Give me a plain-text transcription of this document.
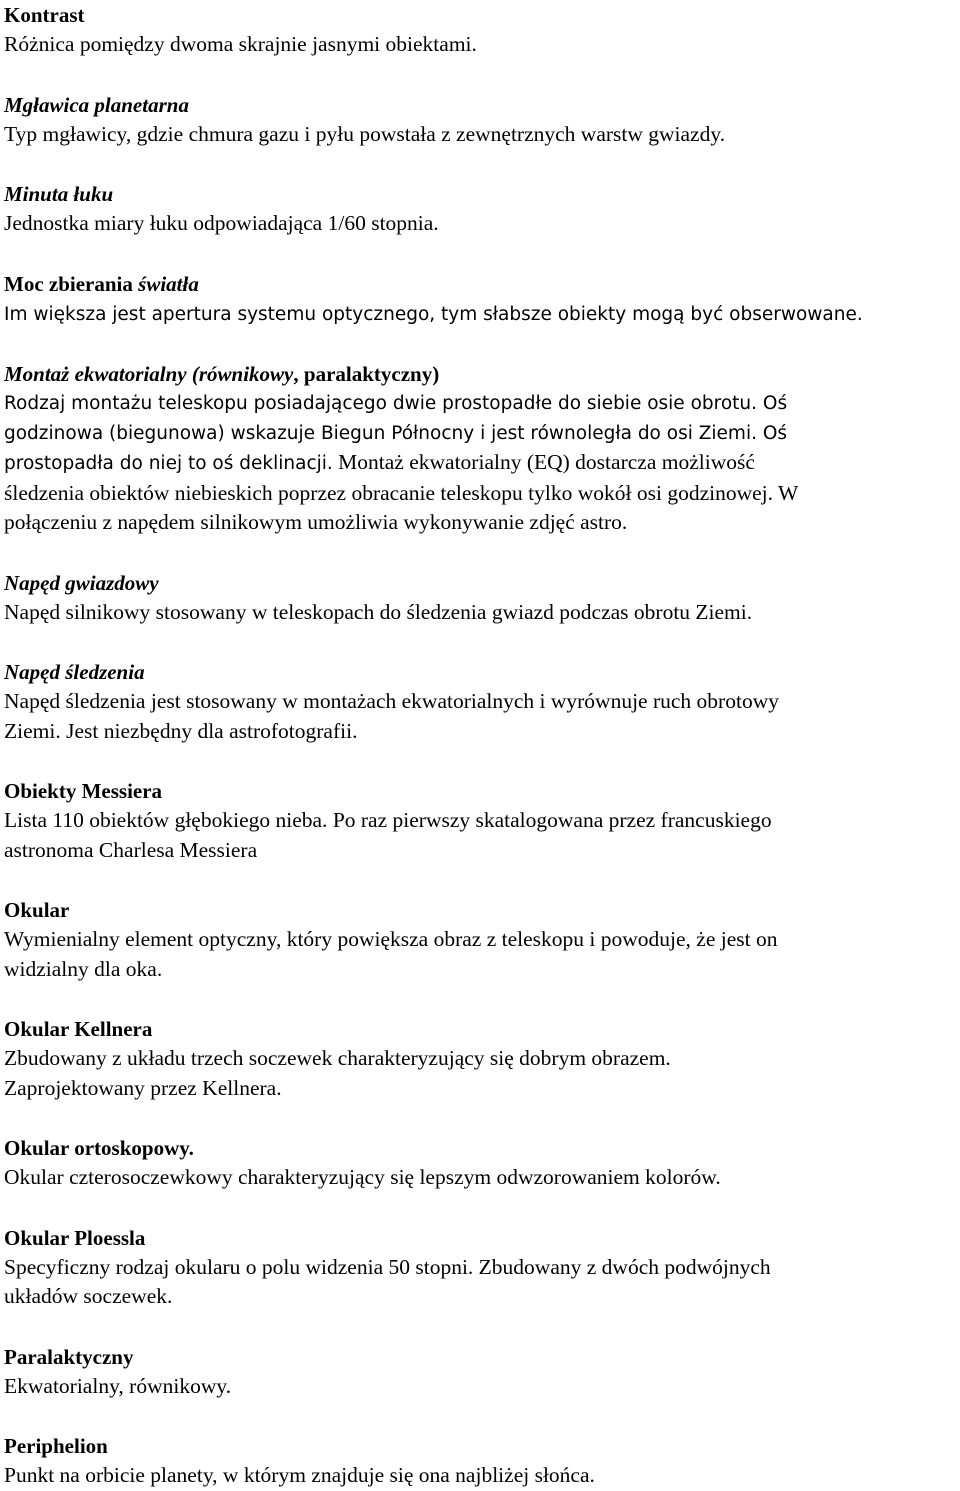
Kontrast
Różnica pomiędzy dwoma skrajnie jasnymi obiektami.
Mgławica planetarna
Typ mgławicy, gdzie chmura gazu i pyłu powstała z zewnętrznych warstw gwiazdy.
Minuta łuku
Jednostka miary łuku odpowiadająca 1/60 stopnia.
Moc zbierania światła
Im większa jest apertura systemu optycznego, tym słabsze obiekty mogą być obserwowane.
Montaż ekwatorialny (równikowy, paralaktyczny)
Rodzaj montażu teleskopu posiadającego dwie prostopadłe do siebie osie obrotu. Oś
godzinowa (biegunowa) wskazuje Biegun Północny i jest równoległa do osi Ziemi. Oś
prostopadła do niej to oś deklinacji. Montaż ekwatorialny (EQ) dostarcza możliwość
śledzenia obiektów niebieskich poprzez obracanie teleskopu tylko wokół osi godzinowej. W
połączeniu z napędem silnikowym umożliwia wykonywanie zdjęć astro.
Napęd gwiazdowy
Napęd silnikowy stosowany w teleskopach do śledzenia gwiazd podczas obrotu Ziemi.
Napęd śledzenia
Napęd śledzenia jest stosowany w montażach ekwatorialnych i wyrównuje ruch obrotowy
Ziemi. Jest niezbędny dla astrofotografii.
Obiekty Messiera
Lista 110 obiektów głębokiego nieba. Po raz pierwszy skatalogowana przez francuskiego
astronoma Charlesa Messiera
Okular
Wymienialny element optyczny, który powiększa obraz z teleskopu i powoduje, że jest on
widzialny dla oka.
Okular Kellnera
Zbudowany z układu trzech soczewek charakteryzujący się dobrym obrazem.
Zaprojektowany przez Kellnera.
Okular ortoskopowy.
Okular czterosoczewkowy charakteryzujący się lepszym odwzorowaniem kolorów.
Okular Ploessla
Specyficzny rodzaj okularu o polu widzenia 50 stopni. Zbudowany z dwóch podwójnych
układów soczewek.
Paralaktyczny
Ekwatorialny, równikowy.
Periphelion
Punkt na orbicie planety, w którym znajduje się ona najbliżej słońca.
